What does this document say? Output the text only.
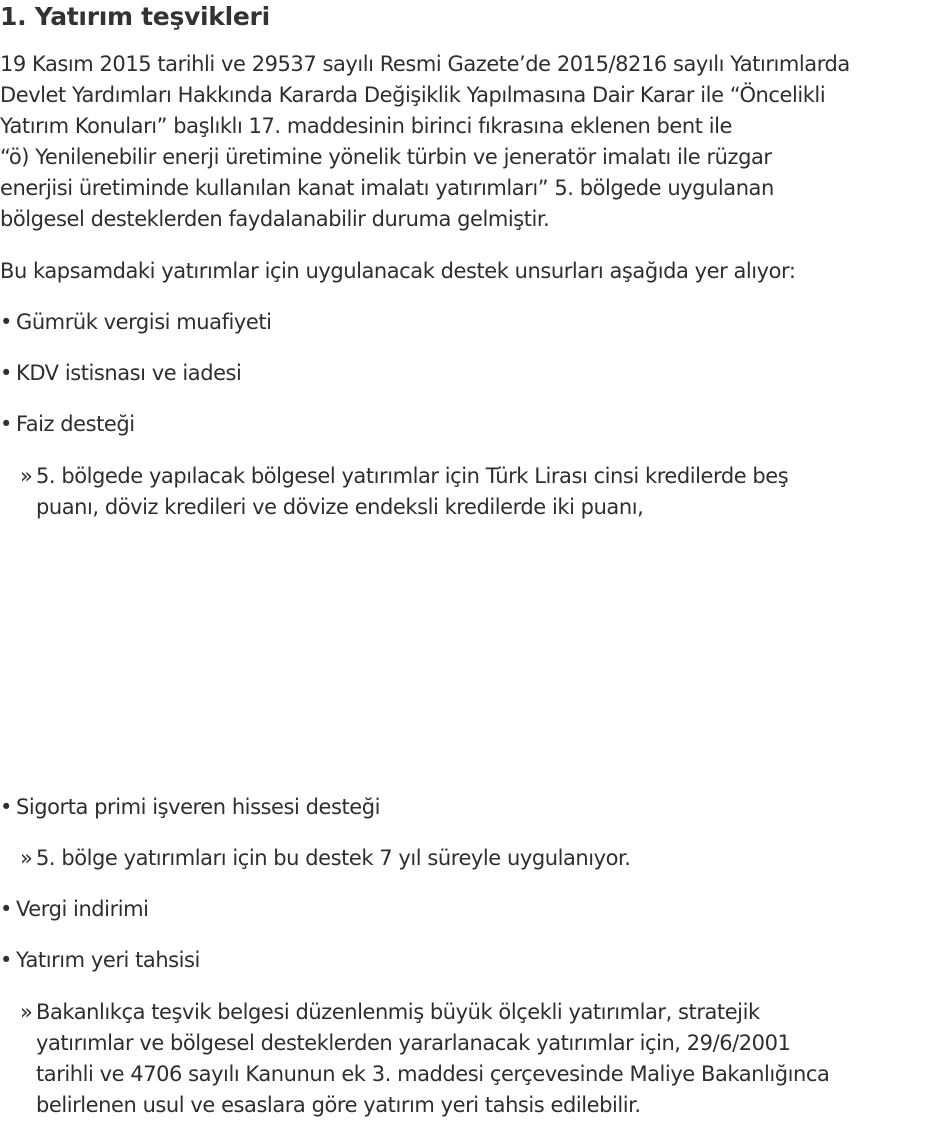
1. Yatırım teşvikleri

19 Kasım 2015 tarihli ve 29537 sayılı Resmi Gazete’de 2015/8216 sayılı Yatırımlarda
Devlet Yardımları Hakkında Kararda Değişiklik Yapılmasına Dair Karar ile “Öncelikli
Yatırım Konuları” başlıklı 17. maddesinin birinci fıkrasına eklenen bent ile
“ö) Yenilenebilir enerji üretimine yönelik türbin ve jeneratör imalatı ile rüzgar
enerjisi üretiminde kullanılan kanat imalatı yatırımları” 5. bölgede uygulanan
bölgesel desteklerden faydalanabilir duruma gelmiştir.

Bu kapsamdaki yatırımlar için uygulanacak destek unsurları aşağıda yer alıyor:

• Gümrük vergisi muafiyeti

• KDV istisnası ve iadesi

• Faiz desteği

» 5. bölgede yapılacak bölgesel yatırımlar için Türk Lirası cinsi kredilerde beş
puanı, döviz kredileri ve dövize endeksli kredilerde iki puanı,

• Sigorta primi işveren hissesi desteği

» 5. bölge yatırımları için bu destek 7 yıl süreyle uygulanıyor.

• Vergi indirimi

• Yatırım yeri tahsisi

» Bakanlıkça teşvik belgesi düzenlenmiş büyük ölçekli yatırımlar, stratejik
yatırımlar ve bölgesel desteklerden yararlanacak yatırımlar için, 29/6/2001
tarihli ve 4706 sayılı Kanunun ek 3. maddesi çerçevesinde Maliye Bakanlığınca
belirlenen usul ve esaslara göre yatırım yeri tahsis edilebilir.
